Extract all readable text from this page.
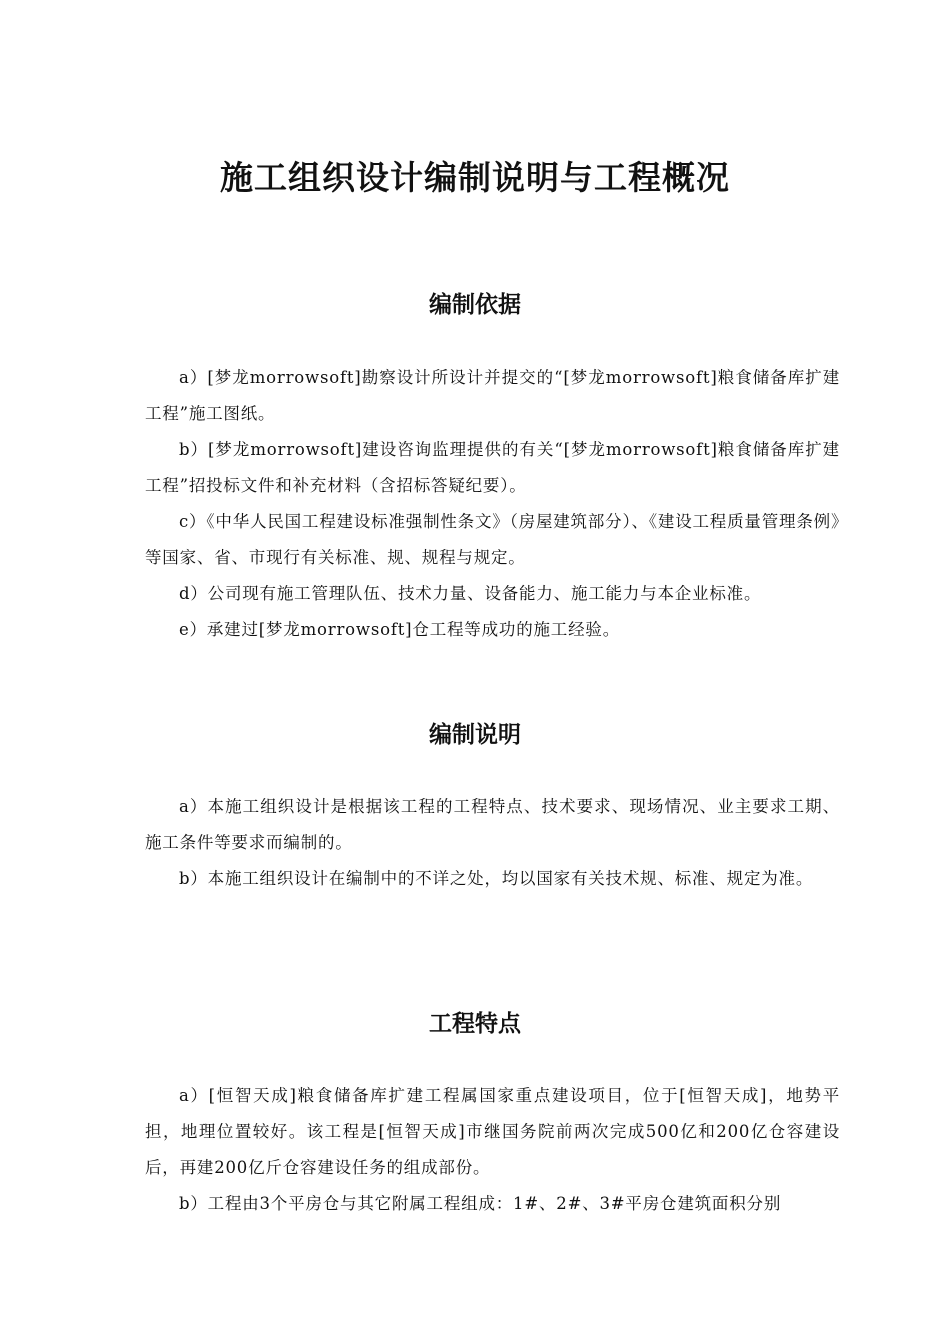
施工组织设计编制说明与工程概况
编制依据

a）[梦龙morrowsoft]勘察设计所设计并提交的“[梦龙morrowsoft]粮食储备库扩建工程”施工图纸。

b）[梦龙morrowsoft]建设咨询监理提供的有关“[梦龙morrowsoft]粮食储备库扩建工程”招投标文件和补充材料（含招标答疑纪要）。

c）《中华人民国工程建设标准强制性条文》（房屋建筑部分）、《建设工程质量管理条例》等国家、省、市现行有关标准、规、规程与规定。

d）公司现有施工管理队伍、技术力量、设备能力、施工能力与本企业标准。

e）承建过[梦龙morrowsoft]仓工程等成功的施工经验。

编制说明

a）本施工组织设计是根据该工程的工程特点、技术要求、现场情况、业主要求工期、施工条件等要求而编制的。

b）本施工组织设计在编制中的不详之处，均以国家有关技术规、标准、规定为准。

工程特点

a）[恒智天成]粮食储备库扩建工程属国家重点建设项目，位于[恒智天成]，地势平担，地理位置较好。该工程是[恒智天成]市继国务院前两次完成500亿和200亿仓容建设后，再建200亿斤仓容建设任务的组成部份。

b）工程由3个平房仓与其它附属工程组成：1#、2#、3#平房仓建筑面积分别
